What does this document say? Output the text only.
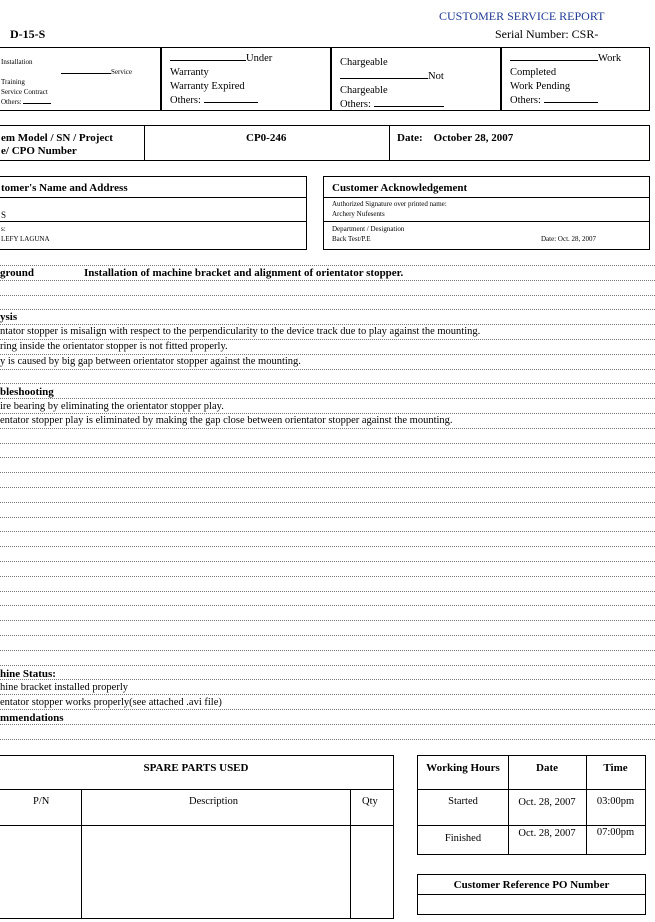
D-15-S
CUSTOMER SERVICE REPORT
Serial Number: CSR-
Installation
Service
Training
Service Contract
Others:
Under
Warranty
Warranty Expired
Others:
Chargeable
Not
Chargeable
Others:
Work
Completed
Work Pending
Others:
em Model / SN / Project
e/ CPO Number
CP0-246	Date: October 28, 2007
tomer's Name and Address
S
s:
LEFY LAGUNA
Customer Acknowledgement
Authorized Signature over printed name:
Archery Nufesents
Department / Designation
Back Test/P.E	Date: Oct. 28, 2007
ground	Installation of machine bracket and alignment of orientator stopper.
ysis
ntator stopper is misalign with respect to the perpendicularity to the device track due to play against the mounting.
ring inside the orientator stopper is not fitted properly.
y is caused by big gap between orientator stopper against the mounting.
bleshooting
ire bearing by eliminating the orientator stopper play.
entator stopper play is eliminated by making the gap close between orientator stopper against the mounting.
hine Status:
hine bracket installed properly
entator stopper works properly(see attached .avi file)
mmendations
SPARE PARTS USED
P/N	Description	Qty
Working Hours	Date	Time
Started	Oct. 28, 2007	03:00pm
Finished	Oct. 28, 2007	07:00pm
Customer Reference PO Number
